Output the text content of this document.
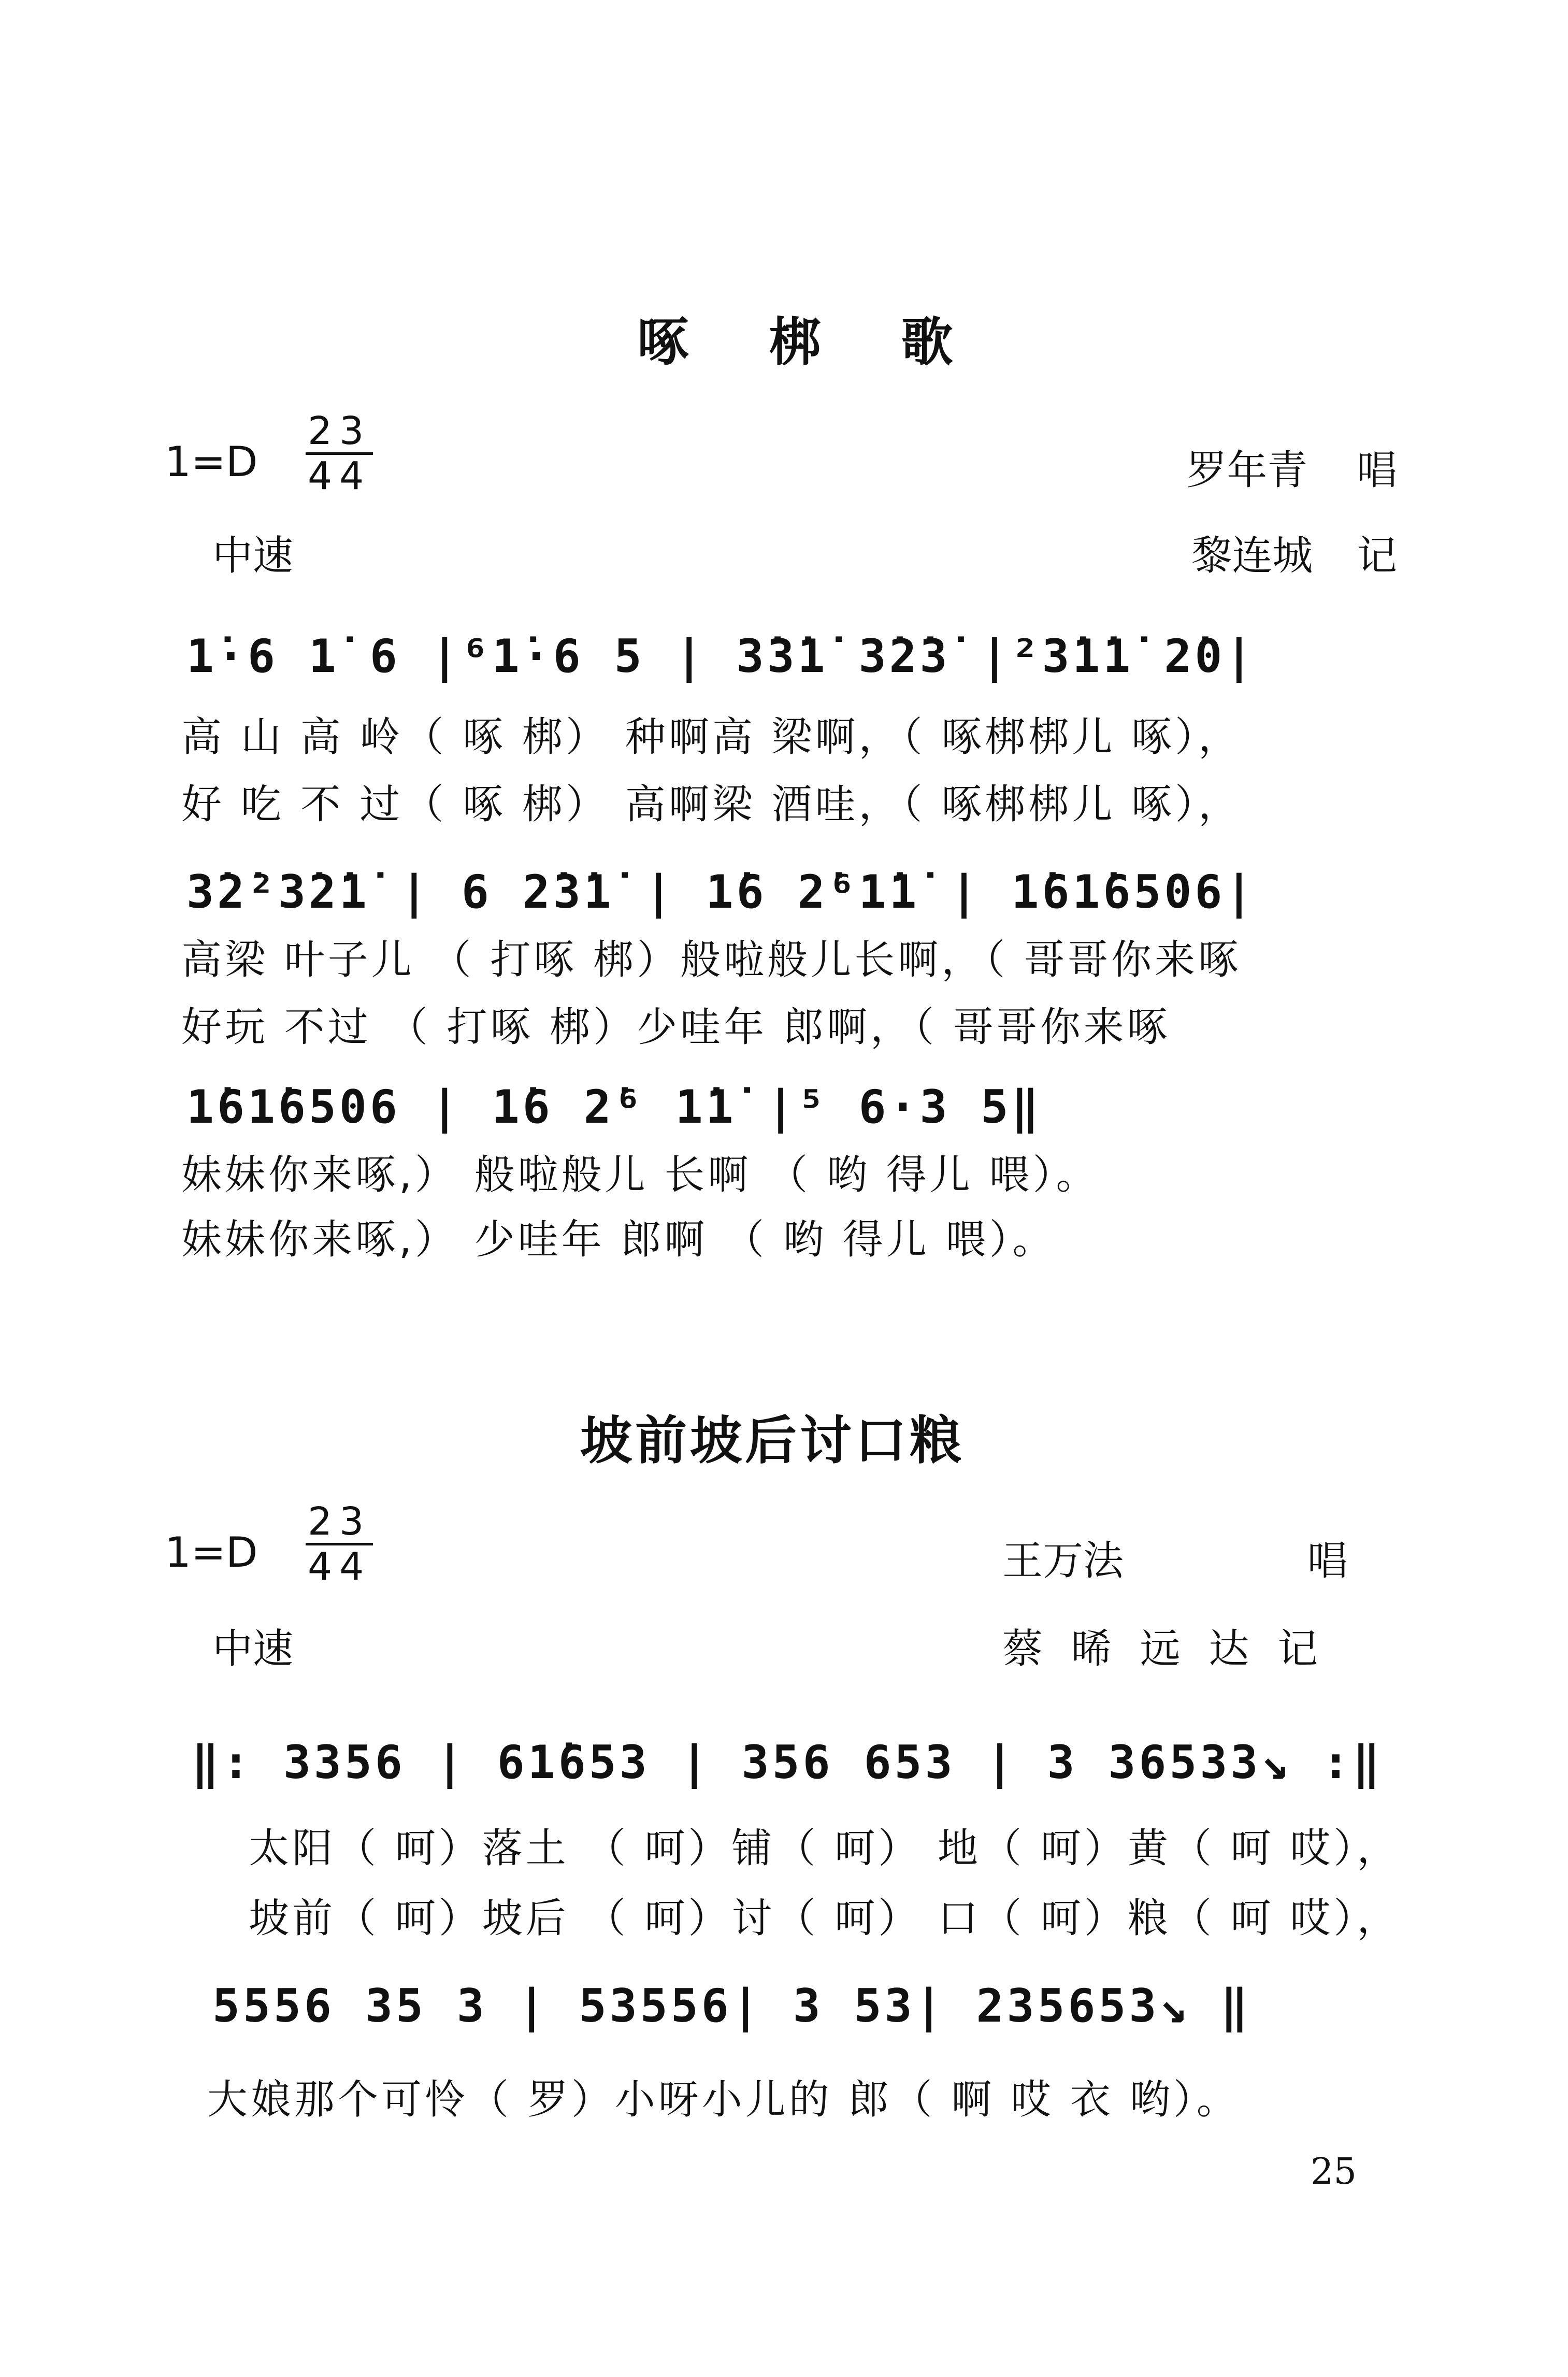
啄 梆 歌
$1=D \frac{23}{44}$	罗年青 唱
中速	黎连城 记
1̇·6 1̇ 6 |⁶1̇·6 5 | 3̇3̇1̇ 3̇2̇3̇ |²3̇1̇1̇ 2̇0|
高 山 高 岭（ 啄 梆） 种啊高 梁啊，（ 啄梆梆儿 啄），
好 吃 不 过（ 啄 梆） 高啊梁 酒哇，（ 啄梆梆儿 啄），
3̇2̇²3̇2̇1̇ | 6 2̇3̇1̇ | 1̇6 2̇⁶1̇1̇ | 1̇61̇6506|
高梁 叶子儿 （ 打啄 梆）般啦般儿长啊，（ 哥哥你来啄
好玩 不过 （ 打啄 梆）少哇年 郎啊，（ 哥哥你来啄
1̇61̇6506 | 1̇6 2̇⁶ 1̇1̇ |⁵ 6·3 5‖
妹妹你来啄,） 般啦般儿 长啊 （ 哟 得儿 喂）。
妹妹你来啄,） 少哇年 郎啊 （ 哟 得儿 喂）。
坡前坡后讨口粮
$1=D \frac{23}{44}$	王万法 唱
中速	蔡 晞 远 达 记
‖: 3356 | 61̇653 | 356 653 | 3 36533↘ :‖
太阳（ 呵）落土 （ 呵）铺（ 呵） 地（ 呵）黄（ 呵 哎），
坡前（ 呵）坡后 （ 呵）讨（ 呵） 口（ 呵）粮（ 呵 哎），
5556 35 3 | 53556| 3 53| 235653↘ ‖
大娘那个可怜（ 罗）小呀小儿的 郎（ 啊 哎 衣 哟）。
25
